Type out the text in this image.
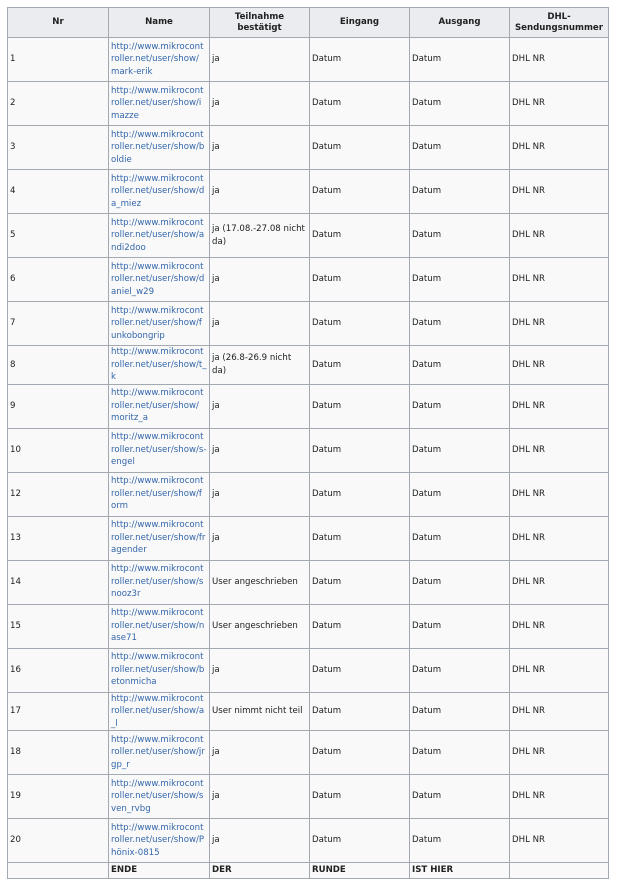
Nr	Name	Teilnahme bestätigt	Eingang	Ausgang	DHL-Sendungsnummer
1	http://www.mikrocontroller.net/user/show/mark-erik	ja	Datum	Datum	DHL NR
2	http://www.mikrocontroller.net/user/show/imazze	ja	Datum	Datum	DHL NR
3	http://www.mikrocontroller.net/user/show/boldie	ja	Datum	Datum	DHL NR
4	http://www.mikrocontroller.net/user/show/da_miez	ja	Datum	Datum	DHL NR
5	http://www.mikrocontroller.net/user/show/andi2doo	ja (17.08.-27.08 nicht da)	Datum	Datum	DHL NR
6	http://www.mikrocontroller.net/user/show/daniel_w29	ja	Datum	Datum	DHL NR
7	http://www.mikrocontroller.net/user/show/funkobongrip	ja	Datum	Datum	DHL NR
8	http://www.mikrocontroller.net/user/show/t_k	ja (26.8-26.9 nicht da)	Datum	Datum	DHL NR
9	http://www.mikrocontroller.net/user/show/moritz_a	ja	Datum	Datum	DHL NR
10	http://www.mikrocontroller.net/user/show/s-engel	ja	Datum	Datum	DHL NR
12	http://www.mikrocontroller.net/user/show/form	ja	Datum	Datum	DHL NR
13	http://www.mikrocontroller.net/user/show/fragender	ja	Datum	Datum	DHL NR
14	http://www.mikrocontroller.net/user/show/snooz3r	User angeschrieben	Datum	Datum	DHL NR
15	http://www.mikrocontroller.net/user/show/nase71	User angeschrieben	Datum	Datum	DHL NR
16	http://www.mikrocontroller.net/user/show/betonmicha	ja	Datum	Datum	DHL NR
17	http://www.mikrocontroller.net/user/show/a_l	User nimmt nicht teil	Datum	Datum	DHL NR
18	http://www.mikrocontroller.net/user/show/jrgp_r	ja	Datum	Datum	DHL NR
19	http://www.mikrocontroller.net/user/show/sven_rvbg	ja	Datum	Datum	DHL NR
20	http://www.mikrocontroller.net/user/show/Phönix-0815	ja	Datum	Datum	DHL NR
	ENDE	DER	RUNDE	IST HIER	
